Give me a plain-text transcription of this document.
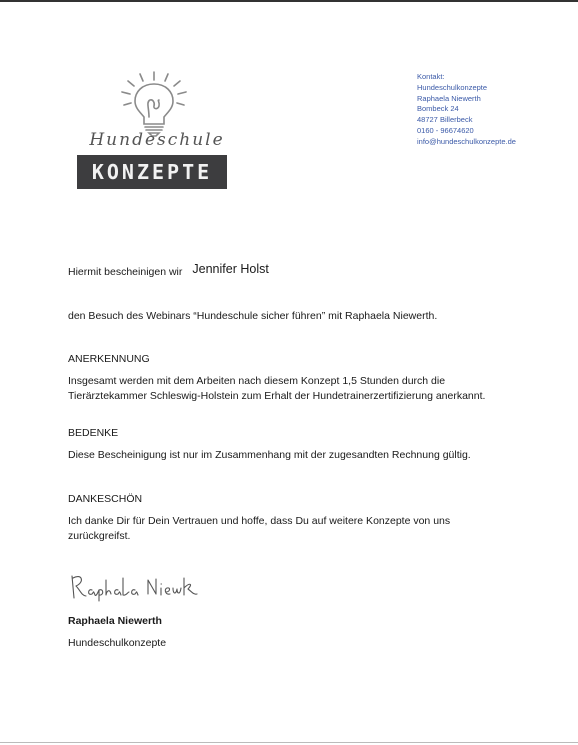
Hundeschule
KONZEPTE
Kontakt:
Hundeschulkonzepte
Raphaela Niewerth
Bombeck 24
48727 Billerbeck
0160 - 96674620
info@hundeschulkonzepte.de
Hiermit bescheinigen wir Jennifer Holst
den Besuch des Webinars “Hundeschule sicher führen” mit Raphaela Niewerth.
ANERKENNUNG
Insgesamt werden mit dem Arbeiten nach diesem Konzept 1,5 Stunden durch die Tierärztekammer Schleswig-Holstein zum Erhalt der Hundetrainerzertifizierung anerkannt.
BEDENKE
Diese Bescheinigung ist nur im Zusammenhang mit der zugesandten Rechnung gültig.
DANKESCHÖN
Ich danke Dir für Dein Vertrauen und hoffe, dass Du auf weitere Konzepte von uns zurückgreifst.
Raphaela Niewerth
Hundeschulkonzepte
